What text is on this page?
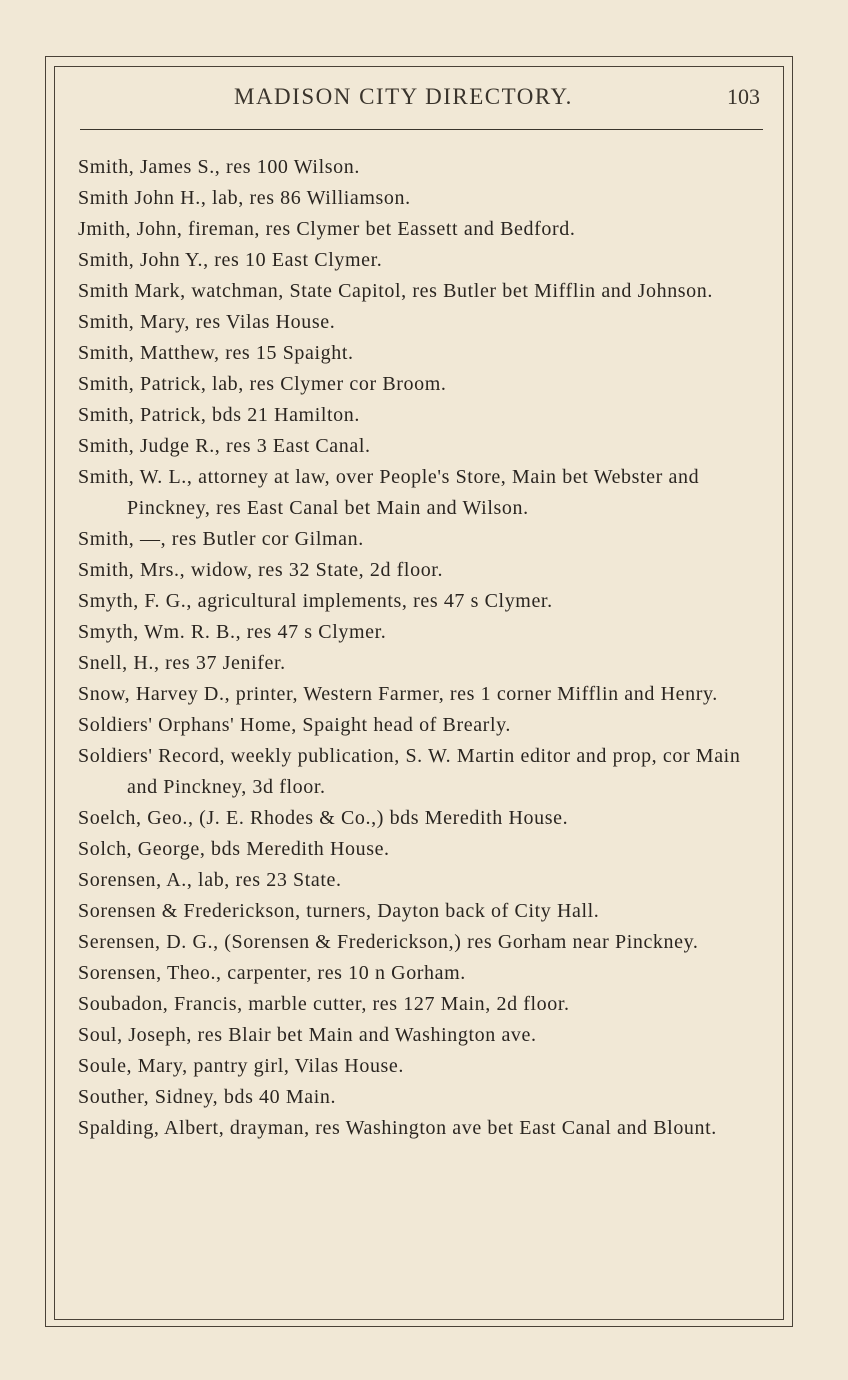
MADISON CITY DIRECTORY.	103
Smith, James S., res 100 Wilson.
Smith John H., lab, res 86 Williamson.
Jmith, John, fireman, res Clymer bet Eassett and Bedford.
Smith, John Y., res 10 East Clymer.
Smith Mark, watchman, State Capitol, res Butler bet Mifflin and Johnson.
Smith, Mary, res Vilas House.
Smith, Matthew, res 15 Spaight.
Smith, Patrick, lab, res Clymer cor Broom.
Smith, Patrick, bds 21 Hamilton.
Smith, Judge R., res 3 East Canal.
Smith, W. L., attorney at law, over People's Store, Main bet Webster and Pinckney, res East Canal bet Main and Wilson.
Smith, —, res Butler cor Gilman.
Smith, Mrs., widow, res 32 State, 2d floor.
Smyth, F. G., agricultural implements, res 47 s Clymer.
Smyth, Wm. R. B., res 47 s Clymer.
Snell, H., res 37 Jenifer.
Snow, Harvey D., printer, Western Farmer, res 1 corner Mifflin and Henry.
Soldiers' Orphans' Home, Spaight head of Brearly.
Soldiers' Record, weekly publication, S. W. Martin editor and prop, cor Main and Pinckney, 3d floor.
Soelch, Geo., (J. E. Rhodes & Co.,) bds Meredith House.
Solch, George, bds Meredith House.
Sorensen, A., lab, res 23 State.
Sorensen & Frederickson, turners, Dayton back of City Hall.
Serensen, D. G., (Sorensen & Frederickson,) res Gorham near Pinckney.
Sorensen, Theo., carpenter, res 10 n Gorham.
Soubadon, Francis, marble cutter, res 127 Main, 2d floor.
Soul, Joseph, res Blair bet Main and Washington ave.
Soule, Mary, pantry girl, Vilas House.
Souther, Sidney, bds 40 Main.
Spalding, Albert, drayman, res Washington ave bet East Canal and Blount.
